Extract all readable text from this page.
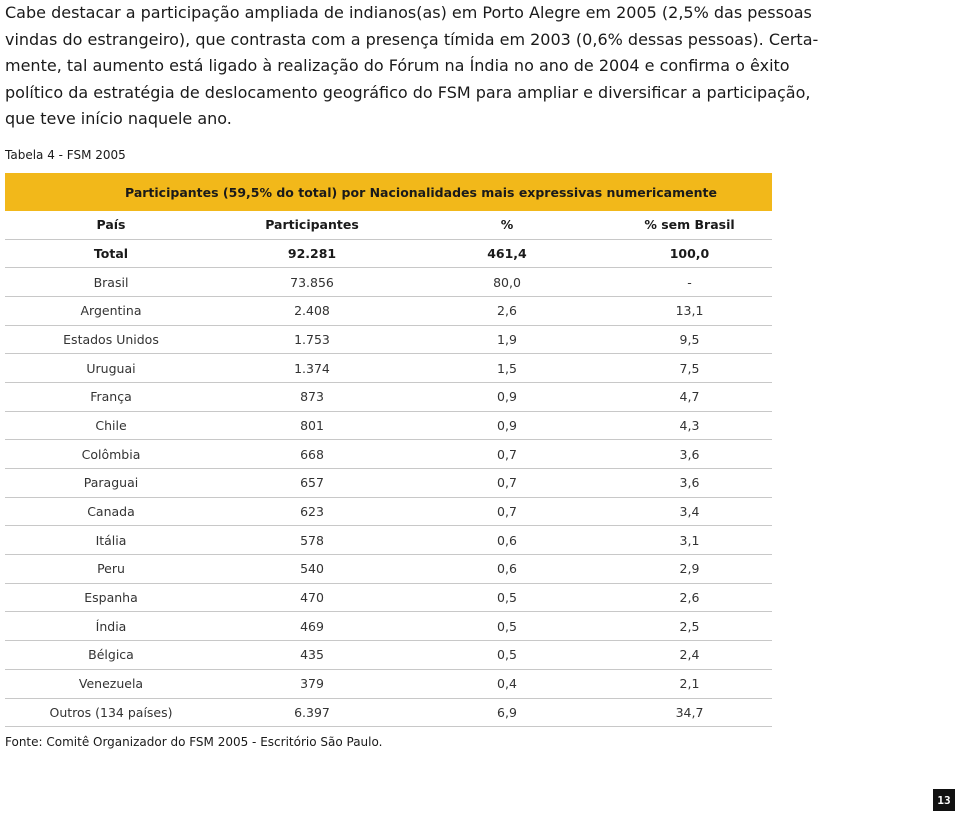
Cabe destacar a participação ampliada de indianos(as) em Porto Alegre em 2005 (2,5% das pessoas
vindas do estrangeiro), que contrasta com a presença tímida em 2003 (0,6% dessas pessoas). Certa-
mente, tal aumento está ligado à realização do Fórum na Índia no ano de 2004 e confirma o êxito
político da estratégia de deslocamento geográfico do FSM para ampliar e diversificar a participação,
que teve início naquele ano.
Tabela 4 - FSM 2005
Participantes (59,5% do total) por Nacionalidades mais expressivas numericamente
País	Participantes	%	% sem Brasil
Total	92.281	461,4	100,0
Brasil	73.856	80,0	-
Argentina	2.408	2,6	13,1
Estados Unidos	1.753	1,9	9,5
Uruguai	1.374	1,5	7,5
França	873	0,9	4,7
Chile	801	0,9	4,3
Colômbia	668	0,7	3,6
Paraguai	657	0,7	3,6
Canada	623	0,7	3,4
Itália	578	0,6	3,1
Peru	540	0,6	2,9
Espanha	470	0,5	2,6
Índia	469	0,5	2,5
Bélgica	435	0,5	2,4
Venezuela	379	0,4	2,1
Outros (134 países)	6.397	6,9	34,7
Fonte: Comitê Organizador do FSM 2005 - Escritório São Paulo.
13
